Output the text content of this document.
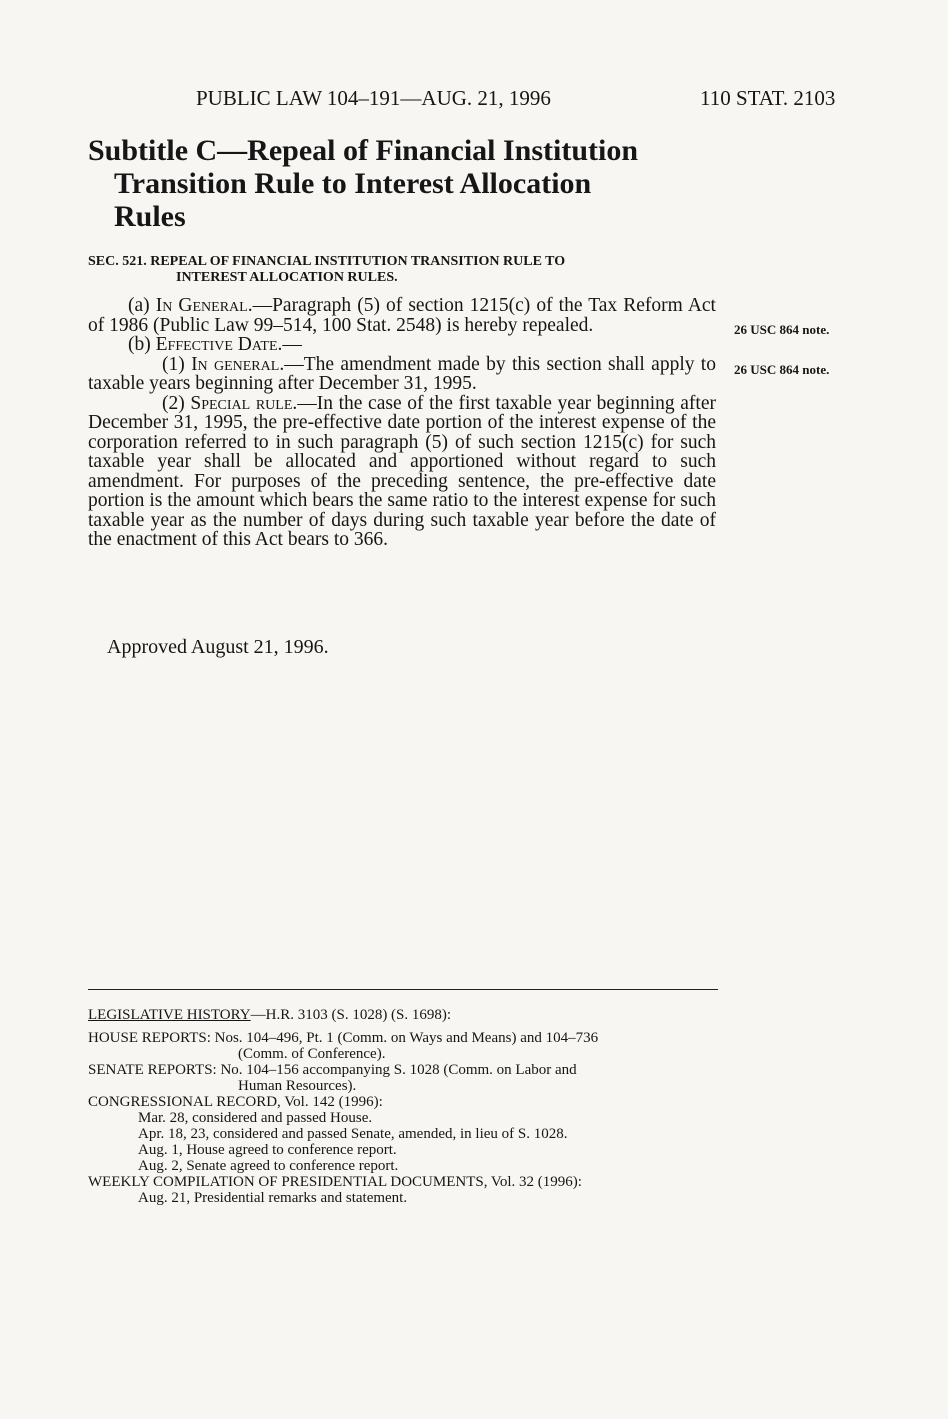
PUBLIC LAW 104–191—AUG. 21, 1996	110 STAT. 2103
Subtitle C—Repeal of Financial Institution
Transition Rule to Interest Allocation
Rules
SEC. 521. REPEAL OF FINANCIAL INSTITUTION TRANSITION RULE TO
INTEREST ALLOCATION RULES.

(a) In General.—Paragraph (5) of section 1215(c) of the Tax Reform Act of 1986 (Public Law 99–514, 100 Stat. 2548) is hereby repealed.

(b) Effective Date.—

(1) In general.—The amendment made by this section shall apply to taxable years beginning after December 31, 1995.

(2) Special rule.—In the case of the first taxable year beginning after December 31, 1995, the pre-effective date portion of the interest expense of the corporation referred to in such paragraph (5) of such section 1215(c) for such taxable year shall be allocated and apportioned without regard to such amendment. For purposes of the preceding sentence, the pre-effective date portion is the amount which bears the same ratio to the interest expense for such taxable year as the number of days during such taxable year before the date of the enactment of this Act bears to 366.

26 USC 864 note.
26 USC 864 note.
Approved August 21, 1996.

LEGISLATIVE HISTORY—H.R. 3103 (S. 1028) (S. 1698):

HOUSE REPORTS: Nos. 104–496, Pt. 1 (Comm. on Ways and Means) and 104–736

(Comm. of Conference).

SENATE REPORTS: No. 104–156 accompanying S. 1028 (Comm. on Labor and

Human Resources).

CONGRESSIONAL RECORD, Vol. 142 (1996):

Mar. 28, considered and passed House.

Apr. 18, 23, considered and passed Senate, amended, in lieu of S. 1028.

Aug. 1, House agreed to conference report.

Aug. 2, Senate agreed to conference report.

WEEKLY COMPILATION OF PRESIDENTIAL DOCUMENTS, Vol. 32 (1996):

Aug. 21, Presidential remarks and statement.
